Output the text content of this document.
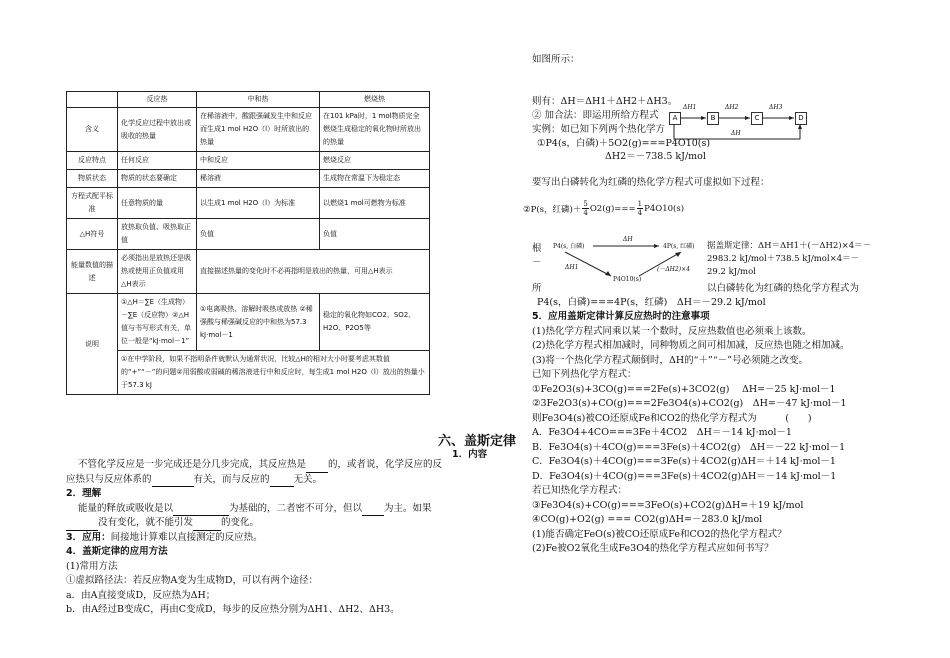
	反应热	中和热	燃烧热
含义	化学反应过程中放出或吸收的热量	在稀溶液中，酸跟强碱发生中和反应而生成1 mol H2O（l）时所放出的热量	在101 kPa时，1 mol物质完全燃烧生成稳定的氧化物时所放出的热量
反应特点	任何反应	中和反应	燃烧反应
物质状态	物质的状态要确定	稀溶液	生成物在常温下为稳定态
方程式配平标准	任意物质的量	以生成1 mol H2O（l）为标准	以燃烧1 mol可燃物为标准
△H符号	放热取负值、吸热取正值	负值	负值
能量数值的描述	必须指出是放热还是吸热或使用正负值或用△H表示	直接描述热量的变化时不必再指明是放出的热量，可用△H表示	
说明	①△H＝∑E（生成物）－∑E（反应物）②△H值与书写形式有关，单位一般是“kJ·mol－1”	①电离吸热、溶解时吸热或放热 ②稀强酸与稀强碱反应的中和热为57.3 kJ·mol－1	稳定的氧化物如CO2、SO2、H2O、P2O5等
	①在中学阶段，如果不指明条件就默认为通常状况，比较△H的相对大小时要考虑其数值的“+”“－”的问题②用弱酸或弱碱的稀溶液进行中和反应时，每生成1 mol H2O（l）放出的热量小于57.3 kJ		
六、盖斯定律
1．内容
不管化学反应是一步完成还是分几步完成，其反应热是 的，或者说，化学反应的反应热只与反应体系的	有关，而与反应的	无关。
2．理解
能量的释放或吸收是以	为基础的，二者密不可分，但以 为主。如果没有变化，就不能引发	的变化。
3．应用：间接地计算难以直接测定的反应热。
4．盖斯定律的应用方法
(1)常用方法
①虚拟路径法：若反应物A变为生成物D，可以有两个途径：
a．由A直接变成D，反应热为ΔH；
b．由A经过B变成C，再由C变成D，每步的反应热分别为ΔH1、ΔH2、ΔH3。
如图所示：
则有：ΔH＝ΔH1＋ΔH2＋ΔH3。
② 加合法：即运用所给方程式
实例：如已知下列两个热化学方
①P4(s，白磷)＋5O2(g)===P4O10(s)
ΔH2＝－738.5 kJ/mol
A	B	C	D
ΔH1	ΔH2	ΔH3
ΔH
要写出白磷转化为红磷的热化学方程式可虚拟如下过程：
②P(s，红磷)＋ $\frac{5}{4} O2(g)=== \frac{1}{4} P4O10(s)$
P4(s, 白磷)	4P(s, 红磷)
P4O10(s)
ΔH
ΔH1	(－ΔH2)×4
根
－
据盖斯定律：ΔH＝ΔH1＋(－ΔH2)×4＝－2983.2 kJ/mol＋738.5 kJ/mol×4＝－29.2 kJ/mol
所	以白磷转化为红磷的热化学方程式为
P4(s，白磷)===4P(s，红磷)　ΔH＝－29.2 kJ/mol
5．应用盖斯定律计算反应热时的注意事项
(1)热化学方程式同乘以某一个数时，反应热数值也必须乘上该数。
(2)热化学方程式相加减时，同种物质之间可相加减，反应热也随之相加减。
(3)将一个热化学方程式颠倒时，ΔH的“＋”“－”号必须随之改变。
已知下列热化学方程式：
①Fe2O3(s)+3CO(g)===2Fe(s)+3CO2(g)　 ΔH=－25 kJ·mol－1
②3Fe2O3(s)+CO(g)===2Fe3O4(s)+CO2(g)　ΔH=－47 kJ·mol－1
则Fe3O4(s)被CO还原成Fe和CO2的热化学方程式为　　　(　　)
A．Fe3O4+4CO===3Fe＋4CO2　ΔH＝－14 kJ·mol－1
B．Fe3O4(s)＋4CO(g)===3Fe(s)＋4CO2(g)　ΔH＝－22 kJ·mol－1
C．Fe3O4(s)＋4CO(g)===3Fe(s)＋4CO2(g)ΔH＝＋14 kJ·mol－1
D．Fe3O4(s)＋4CO(g)===3Fe(s)＋4CO2(g)ΔH＝－14 kJ·mol－1
若已知热化学方程式：
③Fe3O4(s)+CO(g)===3FeO(s)+CO2(g)ΔH=＋19 kJ/mol
④CO(g)+O2(g) === CO2(g)ΔH=－283.0 kJ/mol
(1)能否确定FeO(s)被CO还原成Fe和CO2的热化学方程式？
(2)Fe被O2氧化生成Fe3O4的热化学方程式应如何书写？
